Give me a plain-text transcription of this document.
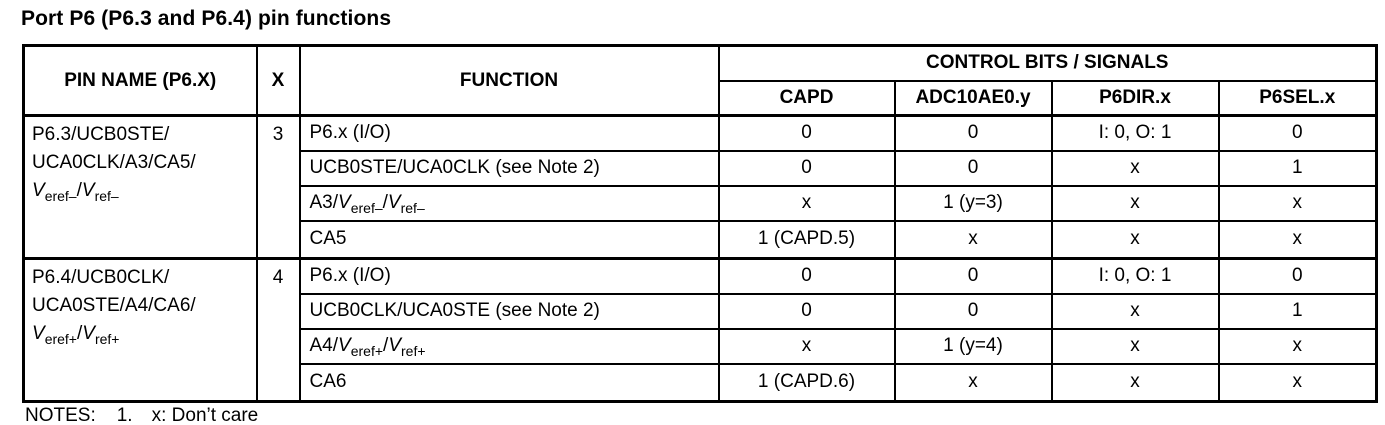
Port P6 (P6.3 and P6.4) pin functions
PIN NAME (P6.X)	X	FUNCTION	CONTROL BITS / SIGNALS			
			CAPD	ADC10AE0.y	P6DIR.x	P6SEL.x

P6.3/UCB0STE/
UCA0CLK/A3/CA5/
$V_{eref-}/V_{ref-}$	3	P6.x (I/O)	0	0	I: 0, O: 1	0
		UCB0STE/UCA0CLK (see Note 2)	0	0	x	1
		$A3/V_{eref-}/V_{ref-}$	x	1 (y=3)	x	x
		CA5	1 (CAPD.5)	x	x	x

P6.4/UCB0CLK/
UCA0STE/A4/CA6/
$V_{eref+}/V_{ref+}$	4	P6.x (I/O)	0	0	I: 0, O: 1	0
		UCB0CLK/UCA0STE (see Note 2)	0	0	x	1
		$A4/V_{eref+}/V_{ref+}$	x	1 (y=4)	x	x
		CA6	1 (CAPD.6)	x	x	x
NOTES: 1. x: Don’t care
